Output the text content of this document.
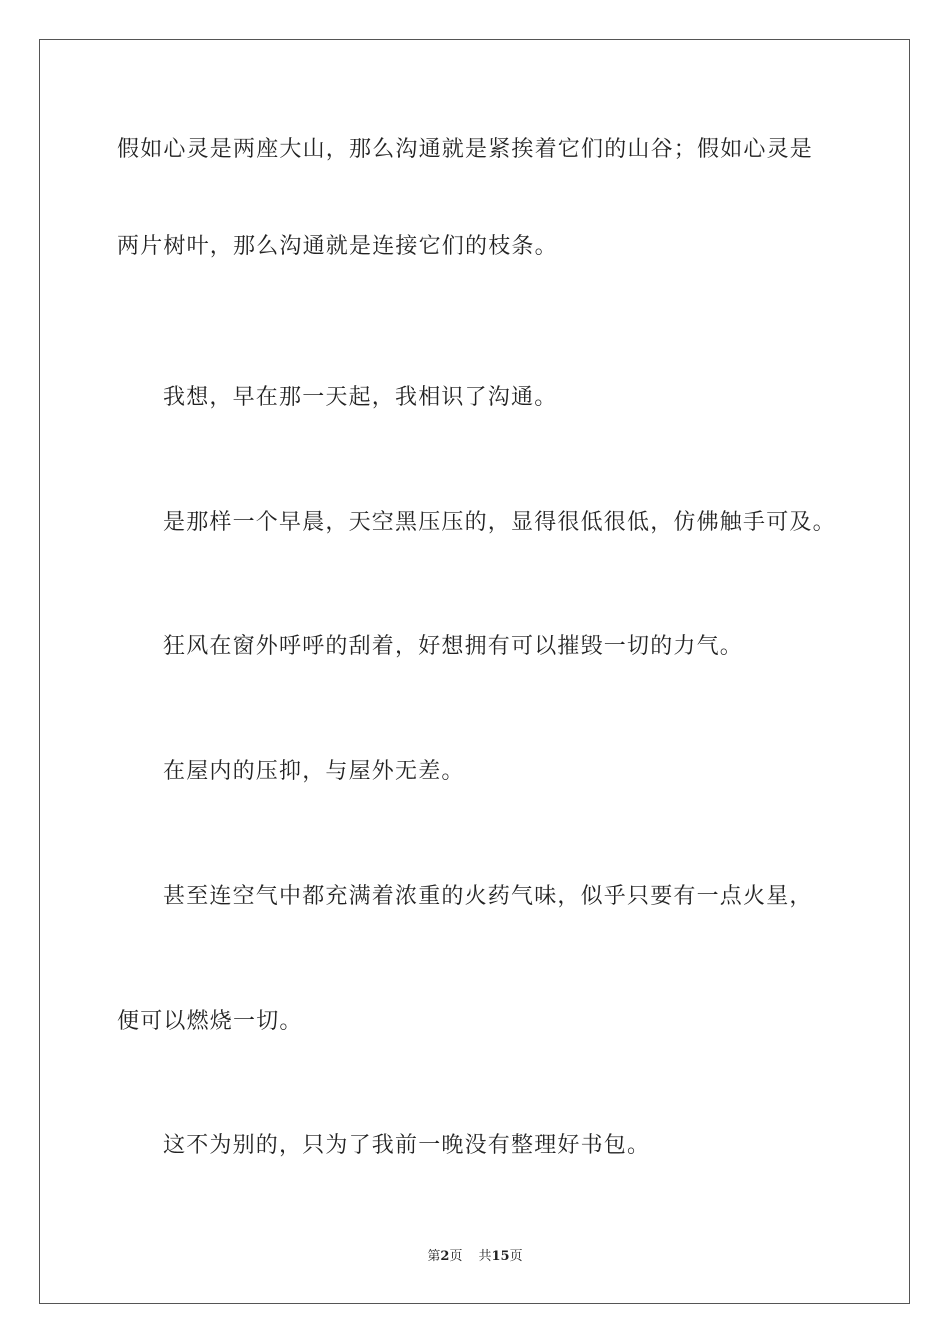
假如心灵是两座大山，那么沟通就是紧挨着它们的山谷；假如心灵是

两片树叶，那么沟通就是连接它们的枝条。

我想，早在那一天起，我相识了沟通。

是那样一个早晨，天空黑压压的，显得很低很低，仿佛触手可及。

狂风在窗外呼呼的刮着，好想拥有可以摧毁一切的力气。

在屋内的压抑，与屋外无差。

甚至连空气中都充满着浓重的火药气味，似乎只要有一点火星，

便可以燃烧一切。

这不为别的，只为了我前一晚没有整理好书包。

第2页 共15页
